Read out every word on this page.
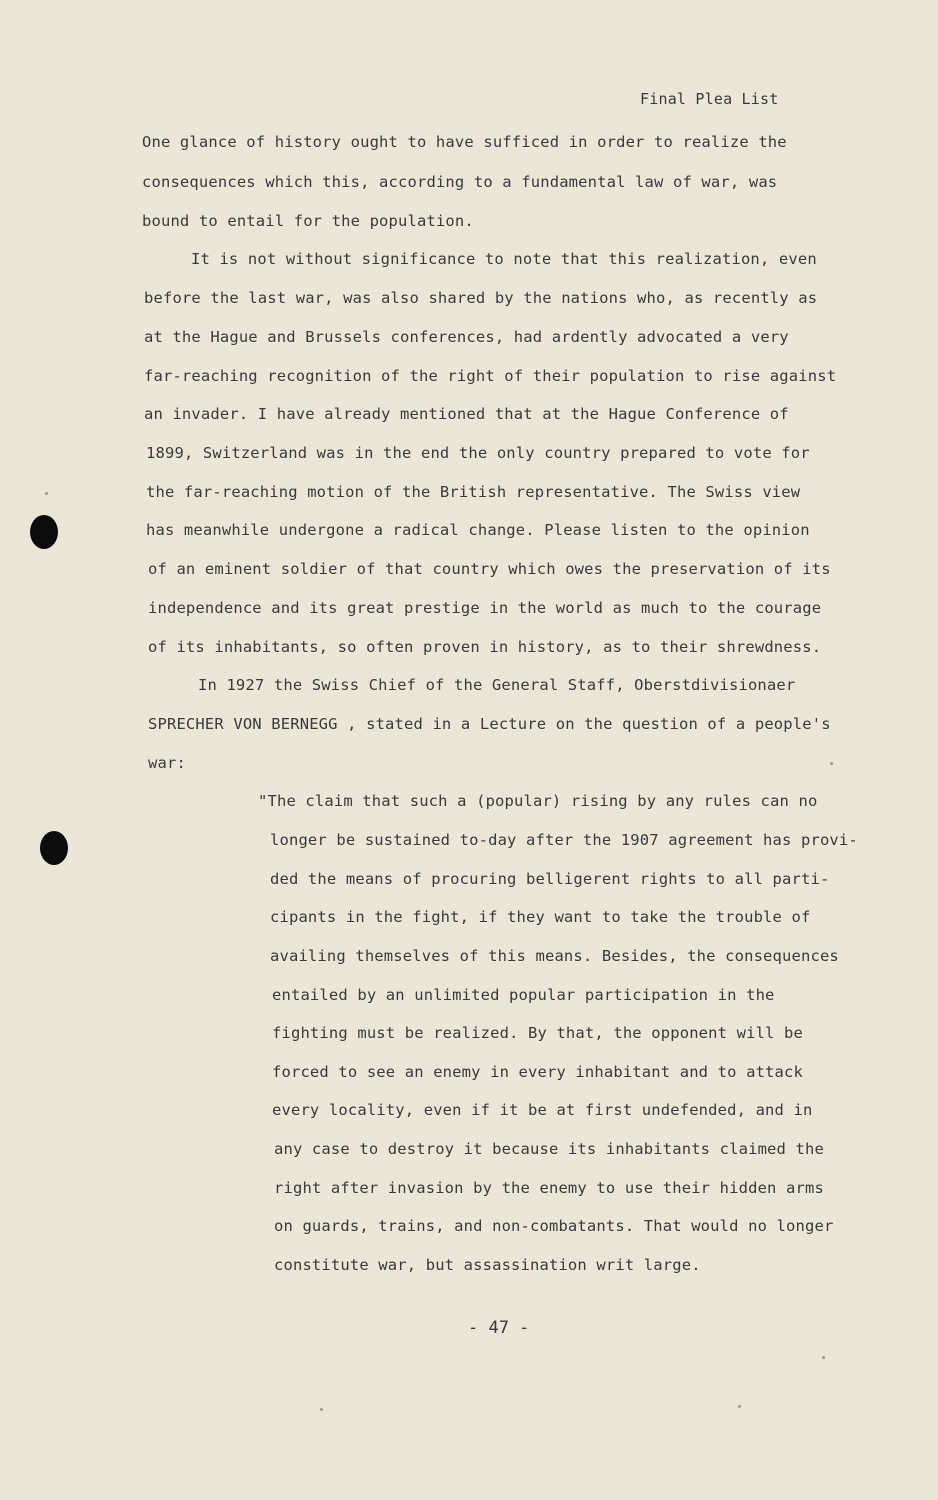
Final Plea List
One glance of history ought to have sufficed in order to realize the
consequences which this, according to a fundamental law of war, was
bound to entail for the population.
It is not without significance to note that this realization, even
before the last war, was also shared by the nations who, as recently as
at the Hague and Brussels conferences, had ardently advocated a very
far-reaching recognition of the right of their population to rise against
an invader. I have already mentioned that at the Hague Conference of
1899, Switzerland was in the end the only country prepared to vote for
the far-reaching motion of the British representative. The Swiss view
has meanwhile undergone a radical change. Please listen to the opinion
of an eminent soldier of that country which owes the preservation of its
independence and its great prestige in the world as much to the courage
of its inhabitants, so often proven in history, as to their shrewdness.
In 1927 the Swiss Chief of the General Staff, Oberstdivisionaer
SPRECHER VON BERNEGG , stated in a Lecture on the question of a people's
war:
"The claim that such a (popular) rising by any rules can no
longer be sustained to-day after the 1907 agreement has provi-
ded the means of procuring belligerent rights to all parti-
cipants in the fight, if they want to take the trouble of
availing themselves of this means. Besides, the consequences
entailed by an unlimited popular participation in the
fighting must be realized. By that, the opponent will be
forced to see an enemy in every inhabitant and to attack
every locality, even if it be at first undefended, and in
any case to destroy it because its inhabitants claimed the
right after invasion by the enemy to use their hidden arms
on guards, trains, and non-combatants. That would no longer
constitute war, but assassination writ large.
- 47 -
